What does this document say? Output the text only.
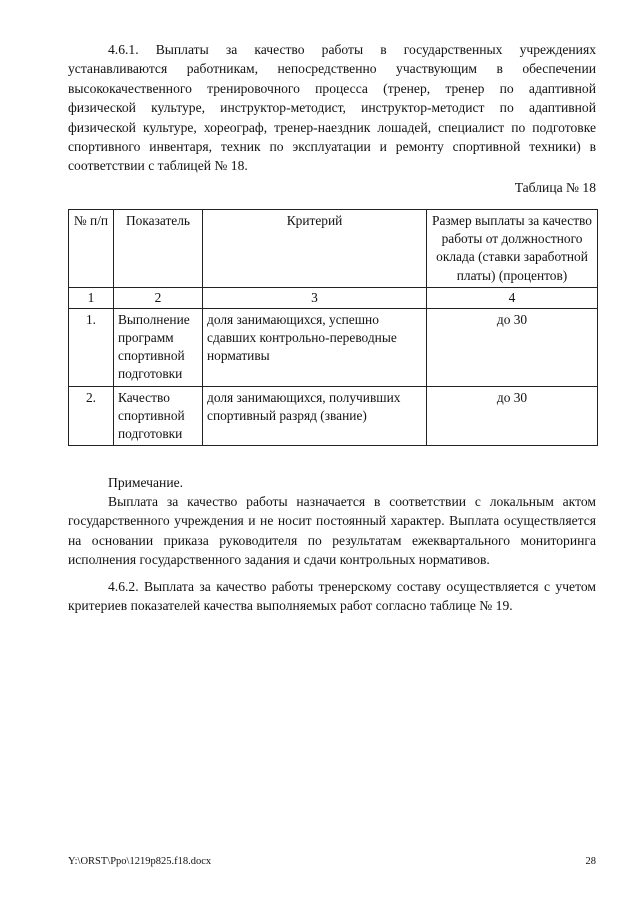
4.6.1. Выплаты за качество работы в государственных учреждениях устанавливаются работникам, непосредственно участвующим в обеспечении высококачественного тренировочного процесса (тренер, тренер по адаптивной физической культуре, инструктор-методист, инструктор-методист по адаптивной физической культуре, хореограф, тренер-наездник лошадей, специалист по подготовке спортивного инвентаря, техник по эксплуатации и ремонту спортивной техники) в соответствии с таблицей № 18.

Таблица № 18
№ п/п	Показатель	Критерий	Размер выплаты за качество работы от должностного оклада (ставки заработной платы) (процентов)
1	2	3	4
1.	Выполнение программ спортивной подготовки	доля занимающихся, успешно сдавших контрольно-переводные нормативы	до 30
2.	Качество спортивной подготовки	доля занимающихся, получивших спортивный разряд (звание)	до 30

Примечание.

Выплата за качество работы назначается в соответствии с локальным актом государственного учреждения и не носит постоянный характер. Выплата осуществляется на основании приказа руководителя по результатам ежеквартального мониторинга исполнения государственного задания и сдачи контрольных нормативов.

4.6.2. Выплата за качество работы тренерскому составу осуществляется с учетом критериев показателей качества выполняемых работ согласно таблице № 19.

Y:\ORST\Ppo\1219p825.f18.docx	28
